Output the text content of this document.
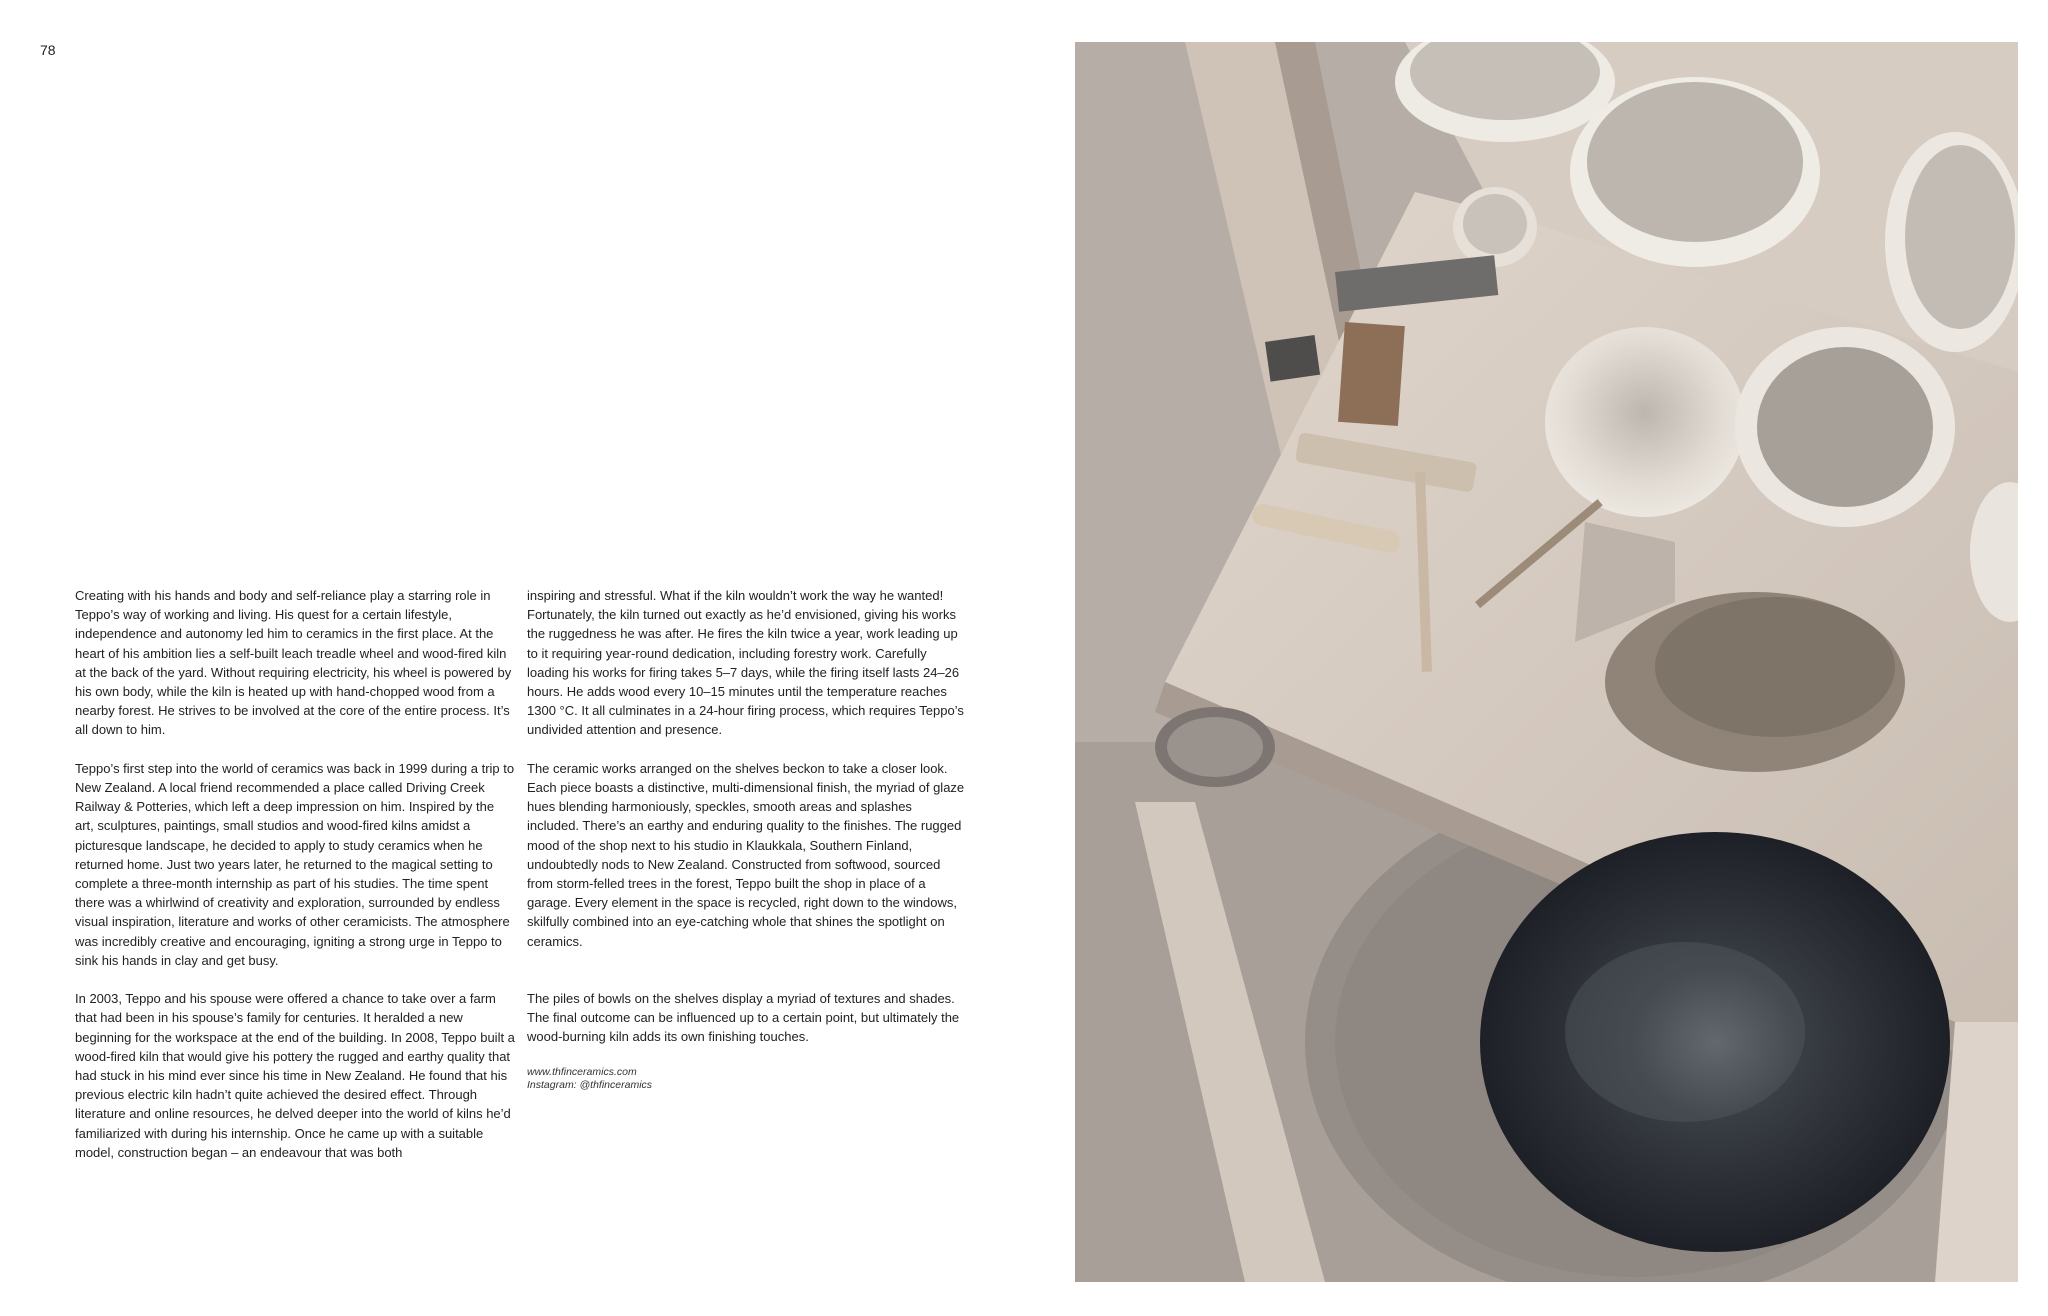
78

Creating with his hands and body and self-reliance play a starring role in Teppo’s way of working and living. His quest for a certain lifestyle, independence and autonomy led him to ceramics in the first place. At the heart of his ambition lies a self-built leach treadle wheel and wood-fired kiln at the back of the yard. Without requiring electricity, his wheel is powered by his own body, while the kiln is heated up with hand-chopped wood from a nearby forest. He strives to be involved at the core of the entire process. It’s all down to him.

Teppo’s first step into the world of ceramics was back in 1999 during a trip to New Zealand. A local friend recommended a place called Driving Creek Railway & Potteries, which left a deep impression on him. Inspired by the art, sculptures, paintings, small studios and wood-fired kilns amidst a picturesque landscape, he decided to apply to study ceramics when he returned home. Just two years later, he returned to the magical setting to complete a three-month internship as part of his studies. The time spent there was a whirlwind of creativity and exploration, surrounded by endless visual inspiration, literature and works of other ceramicists. The atmosphere was incredibly creative and encouraging, igniting a strong urge in Teppo to sink his hands in clay and get busy.

In 2003, Teppo and his spouse were offered a chance to take over a farm that had been in his spouse’s family for centuries. It heralded a new beginning for the workspace at the end of the building. In 2008, Teppo built a wood-fired kiln that would give his pottery the rugged and earthy quality that had stuck in his mind ever since his time in New Zealand. He found that his previous electric kiln hadn’t quite achieved the desired effect. Through literature and online resources, he delved deeper into the world of kilns he’d familiarized with during his internship. Once he came up with a suitable model, construction began – an endeavour that was both

inspiring and stressful. What if the kiln wouldn’t work the way he wanted! Fortunately, the kiln turned out exactly as he’d envisioned, giving his works the ruggedness he was after. He fires the kiln twice a year, work leading up to it requiring year-round dedication, including forestry work. Carefully loading his works for firing takes 5–7 days, while the firing itself lasts 24–26 hours. He adds wood every 10–15 minutes until the temperature reaches 1300 °C. It all culminates in a 24-hour firing process, which requires Teppo’s undivided attention and presence.

The ceramic works arranged on the shelves beckon to take a closer look. Each piece boasts a distinctive, multi-dimensional finish, the myriad of glaze hues blending harmoniously, speckles, smooth areas and splashes included. There’s an earthy and enduring quality to the finishes. The rugged mood of the shop next to his studio in Klaukkala, Southern Finland, undoubtedly nods to New Zealand. Constructed from softwood, sourced from storm-felled trees in the forest, Teppo built the shop in place of a garage. Every element in the space is recycled, right down to the windows, skilfully combined into an eye-catching whole that shines the spotlight on ceramics.

The piles of bowls on the shelves display a myriad of textures and shades. The final outcome can be influenced up to a certain point, but ultimately the wood-burning kiln adds its own finishing touches.

www.thfinceramics.com
Instagram: @thfinceramics
